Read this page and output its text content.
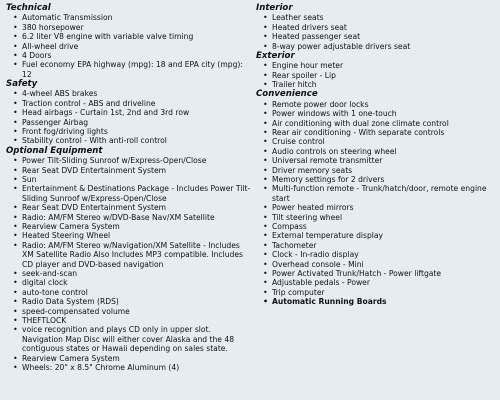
Technical
• Automatic Transmission
• 380 horsepower
• 6.2 liter V8 engine with variable valve timing
• All-wheel drive
• 4 Doors
• Fuel economy EPA highway (mpg): 18 and EPA city (mpg): 12
Safety
• 4-wheel ABS brakes
• Traction control - ABS and driveline
• Head airbags - Curtain 1st, 2nd and 3rd row
• Passenger Airbag
• Front fog/driving lights
• Stability control - With anti-roll control
Optional Equipment
• Power Tilt-Sliding Sunroof w/Express-Open/Close
• Rear Seat DVD Entertainment System
• Sun
• Entertainment & Destinations Package - Includes Power Tilt-Sliding Sunroof w/Express-Open/Close
• Rear Seat DVD Entertainment System
• Radio: AM/FM Stereo w/DVD-Base Nav/XM Satellite
• Rearview Camera System
• Heated Steering Wheel
• Radio: AM/FM Stereo w/Navigation/XM Satellite - Includes XM Satellite Radio Also Includes MP3 compatible. Includes CD player and DVD-based navigation
• seek-and-scan
• digital clock
• auto-tone control
• Radio Data System (RDS)
• speed-compensated volume
• THEFTLOCK
• voice recognition and plays CD only in upper slot. Navigation Map Disc will either cover Alaska and the 48 contiguous states or Hawaii depending on sales state.
• Rearview Camera System
• Wheels: 20" x 8.5" Chrome Aluminum (4)
Interior
• Leather seats
• Heated drivers seat
• Heated passenger seat
• 8-way power adjustable drivers seat
Exterior
• Engine hour meter
• Rear spoiler - Lip
• Trailer hitch
Convenience
• Remote power door locks
• Power windows with 1 one-touch
• Air conditioning with dual zone climate control
• Rear air conditioning - With separate controls
• Cruise control
• Audio controls on steering wheel
• Universal remote transmitter
• Driver memory seats
• Memory settings for 2 drivers
• Multi-function remote - Trunk/hatch/door, remote engine start
• Power heated mirrors
• Tilt steering wheel
• Compass
• External temperature display
• Tachometer
• Clock - In-radio display
• Overhead console - Mini
• Power Activated Trunk/Hatch - Power liftgate
• Adjustable pedals - Power
• Trip computer
• Automatic Running Boards
